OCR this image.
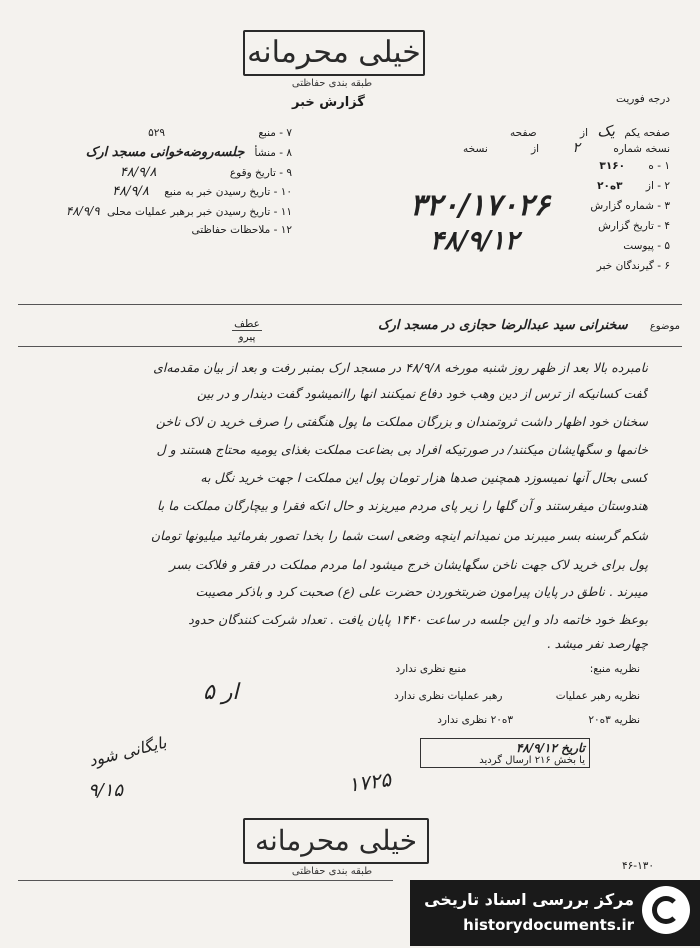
خیلی محرمانه
طبقه بندی حفاظتی
گزارش خبر	درجه فوریت
صفحه یکم یک از صفحه
نسخه شماره ۲ از نسخه
۱ - ه ۳۱۶۰
۲ - از ۳ه۲۰
۳ - شماره گزارش
۴ - تاریخ گزارش
۵ - پیوست
۶ - گیرندگان خبر
۳۲۰/۱۷۰۲۶
۴۸/۹/۱۲
۷ - منبع ۵۲۹
۸ - منشأ جلسه‌روضه‌خوانی مسجد ارک
۹ - تاریخ وقوع ۴۸/۹/۸
۱۰ - تاریخ رسیدن خبر به منبع ۴۸/۹/۸
۱۱ - تاریخ رسیدن خبر برهبر عملیات محلی ۴۸/۹/۹
۱۲ - ملاحظات حفاظتی
موضوع سخنرانی سید عبدالرضا حجازی در مسجد ارک
عطف
پیرو
نامبرده بالا بعد از ظهر روز شنبه مورخه ۴۸/۹/۸ در مسجد ارک بمنبر رفت و بعد از بیان مقدمه‌ای
گفت کسانیکه از ترس از دین وهب خود دفاع نمیکنند انها راانمیشود گفت دیندار و در بین
سخنان خود اظهار داشت ثروتمندان و بزرگان مملکت ما پول هنگفتی را صرف خرید ن لاک ناخن
خانمها و سگهایشان میکنند/ در صورتیکه افراد بی بضاعت مملکت بغذای یومیه محتاج هستند و ل
کسی بحال آنها نمیسوزد همچنین صدها هزار تومان پول این مملکت ا جهت خرید نگل به
هندوستان میفرستند و آن گلها را زیر پای مردم میریزند و حال انکه فقرا و بیچارگان مملکت ما با
شکم گرسنه بسر میبرند من نمیدانم اینچه وضعی است شما را بخدا تصور بفرمائید میلیونها تومان
پول برای خرید لاک جهت ناخن سگهایشان خرج میشود اما مردم مملکت در فقر و فلاکت بسر
میبرند . ناطق در پایان پیرامون ضربتخوردن حضرت علی (ع) صحبت کرد و باذکر مصیبت
بوعظ خود خاتمه داد و این جلسه در ساعت ۱۴۴۰ پایان یافت . تعداد شرکت کنندگان حدود
چهارصد نفر میشد .
نظریه منبع: منبع نظری ندارد
نظریه رهبر عملیات رهبر عملیات نظری ندارد
نظریه ۳ه۲۰ ۳ه۲۰ نظری ندارد
تاریخ ۴۸/۹/۱۲
یا بخش ۲۱۶ ارسال گردید
۵ ار
بایگانی شود
۹/۱۵	۱۷۲۵
خیلی محرمانه
طبقه بندی حفاظتی	۴۶-۱۳۰
مرکز بررسی اسناد تاریخی
historydocuments.ir
